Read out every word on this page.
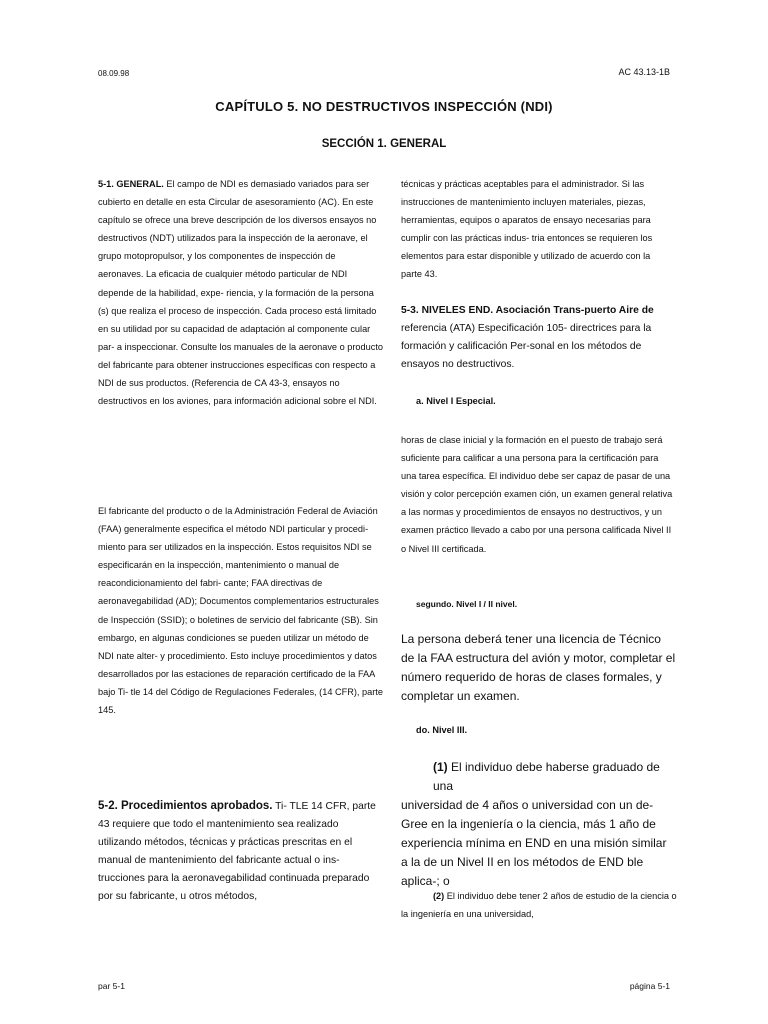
08.09.98	AC 43.13-1B
CAPÍTULO 5. NO DESTRUCTIVOS INSPECCIÓN (NDI)
SECCIÓN 1. GENERAL

5-1. GENERAL. El campo de NDI es demasiado variados para ser

cubierto en detalle en esta Circular de asesoramiento (AC). En este capítulo se ofrece una breve descripción de los diversos ensayos no destructivos (NDT) utilizados para la inspección de la aeronave, el grupo motopropulsor, y los componentes de inspección de aeronaves. La eficacia de cualquier método particular de NDI depende de la habilidad, expe- riencia, y la formación de la persona (s) que realiza el proceso de inspección. Cada proceso está limitado en su utilidad por su capacidad de adaptación al componente cular par- a inspeccionar. Consulte los manuales de la aeronave o producto del fabricante para obtener instrucciones específicas con respecto a NDI de sus productos. (Referencia de CA 43-3, ensayos no destructivos en los aviones, para información adicional sobre el NDI.

El fabricante del producto o de la Administración Federal de Aviación (FAA) generalmente especifica el método NDI particular y procedi- miento para ser utilizados en la inspección. Estos requisitos NDI se especificarán en la inspección, mantenimiento o manual de reacondicionamiento del fabri- cante; FAA directivas de aeronavegabilidad (AD); Documentos complementarios estructurales de Inspección (SSID); o boletines de servicio del fabricante (SB). Sin embargo, en algunas condiciones se pueden utilizar un método de NDI nate alter- y procedimiento. Esto incluye procedimientos y datos desarrollados por las estaciones de reparación certificado de la FAA bajo Ti- tle 14 del Código de Regulaciones Federales, (14 CFR), parte 145.

5-2. Procedimientos aprobados. Ti- TLE 14 CFR, parte

43 requiere que todo el mantenimiento sea realizado utilizando métodos, técnicas y prácticas prescritas en el manual de mantenimiento del fabricante actual o ins- trucciones para la aeronavegabilidad continuada preparado por su fabricante, u otros métodos,

técnicas y prácticas aceptables para el administrador. Si las instrucciones de mantenimiento incluyen materiales, piezas, herramientas, equipos o aparatos de ensayo necesarias para cumplir con las prácticas indus- tria entonces se requieren los elementos para estar disponible y utilizado de acuerdo con la parte 43.

5-3. NIVELES END. Asociación Trans-puerto Aire de

referencia (ATA) Especificación 105- directrices para la formación y calificación Per-sonal en los métodos de ensayos no destructivos.

a. Nivel I Especial.
horas de clase inicial y la formación en el puesto de trabajo será suficiente para calificar a una persona para la certificación para una tarea específica. El individuo debe ser capaz de pasar de una visión y color percepción examen ción, un examen general relativa a las normas y procedimientos de ensayos no destructivos, y un examen práctico llevado a cabo por una persona calificada Nivel II o Nivel III certificada.
segundo. Nivel I / II nivel.
La persona deberá tener una licencia de Técnico de la FAA estructura del avión y motor, completar el número requerido de horas de clases formales, y completar un examen.
do. Nivel III.

(1) El individuo debe haberse graduado de una

universidad de 4 años o universidad con un de- Gree en la ingeniería o la ciencia, más 1 año de experiencia mínima en END en una misión similar a la de un Nivel II en los métodos de END ble aplica-; o

(2) El individuo debe tener 2 años de estudio de la ciencia o

la ingeniería en una universidad,

par 5-1	página 5-1
